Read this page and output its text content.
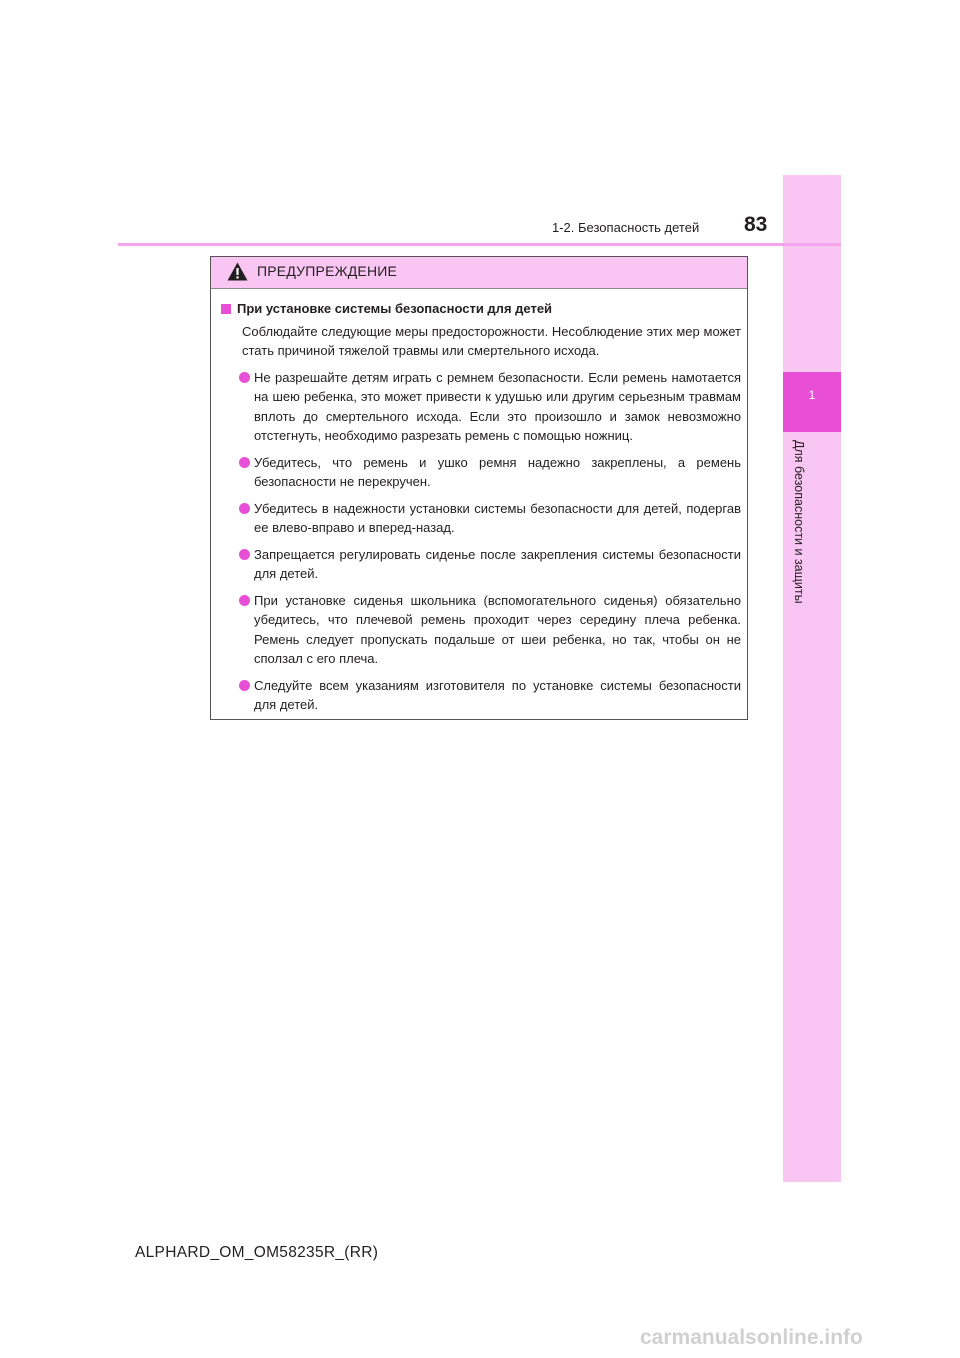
1
Для безопасности и защиты
1-2. Безопасность детей 83
ПРЕДУПРЕЖДЕНИЕ
При установке системы безопасности для детей
Соблюдайте следующие меры предосторожности. Несоблюдение этих мер может стать причиной тяжелой травмы или смертельного исхода.
Не разрешайте детям играть с ремнем безопасности. Если ремень намотается на шею ребенка, это может привести к удушью или другим серьезным травмам вплоть до смертельного исхода. Если это произошло и замок невозможно отстегнуть, необходимо разрезать ремень с помощью ножниц.
Убедитесь, что ремень и ушко ремня надежно закреплены, а ремень безопасности не перекручен.
Убедитесь в надежности установки системы безопасности для детей, подергав ее влево-вправо и вперед-назад.
Запрещается регулировать сиденье после закрепления системы безопасности для детей.
При установке сиденья школьника (вспомогательного сиденья) обязательно убедитесь, что плечевой ремень проходит через середину плеча ребенка. Ремень следует пропускать подальше от шеи ребенка, но так, чтобы он не сползал с его плеча.
Следуйте всем указаниям изготовителя по установке системы безопасности для детей.
ALPHARD_OM_OM58235R_(RR)
carmanualsonline.info
